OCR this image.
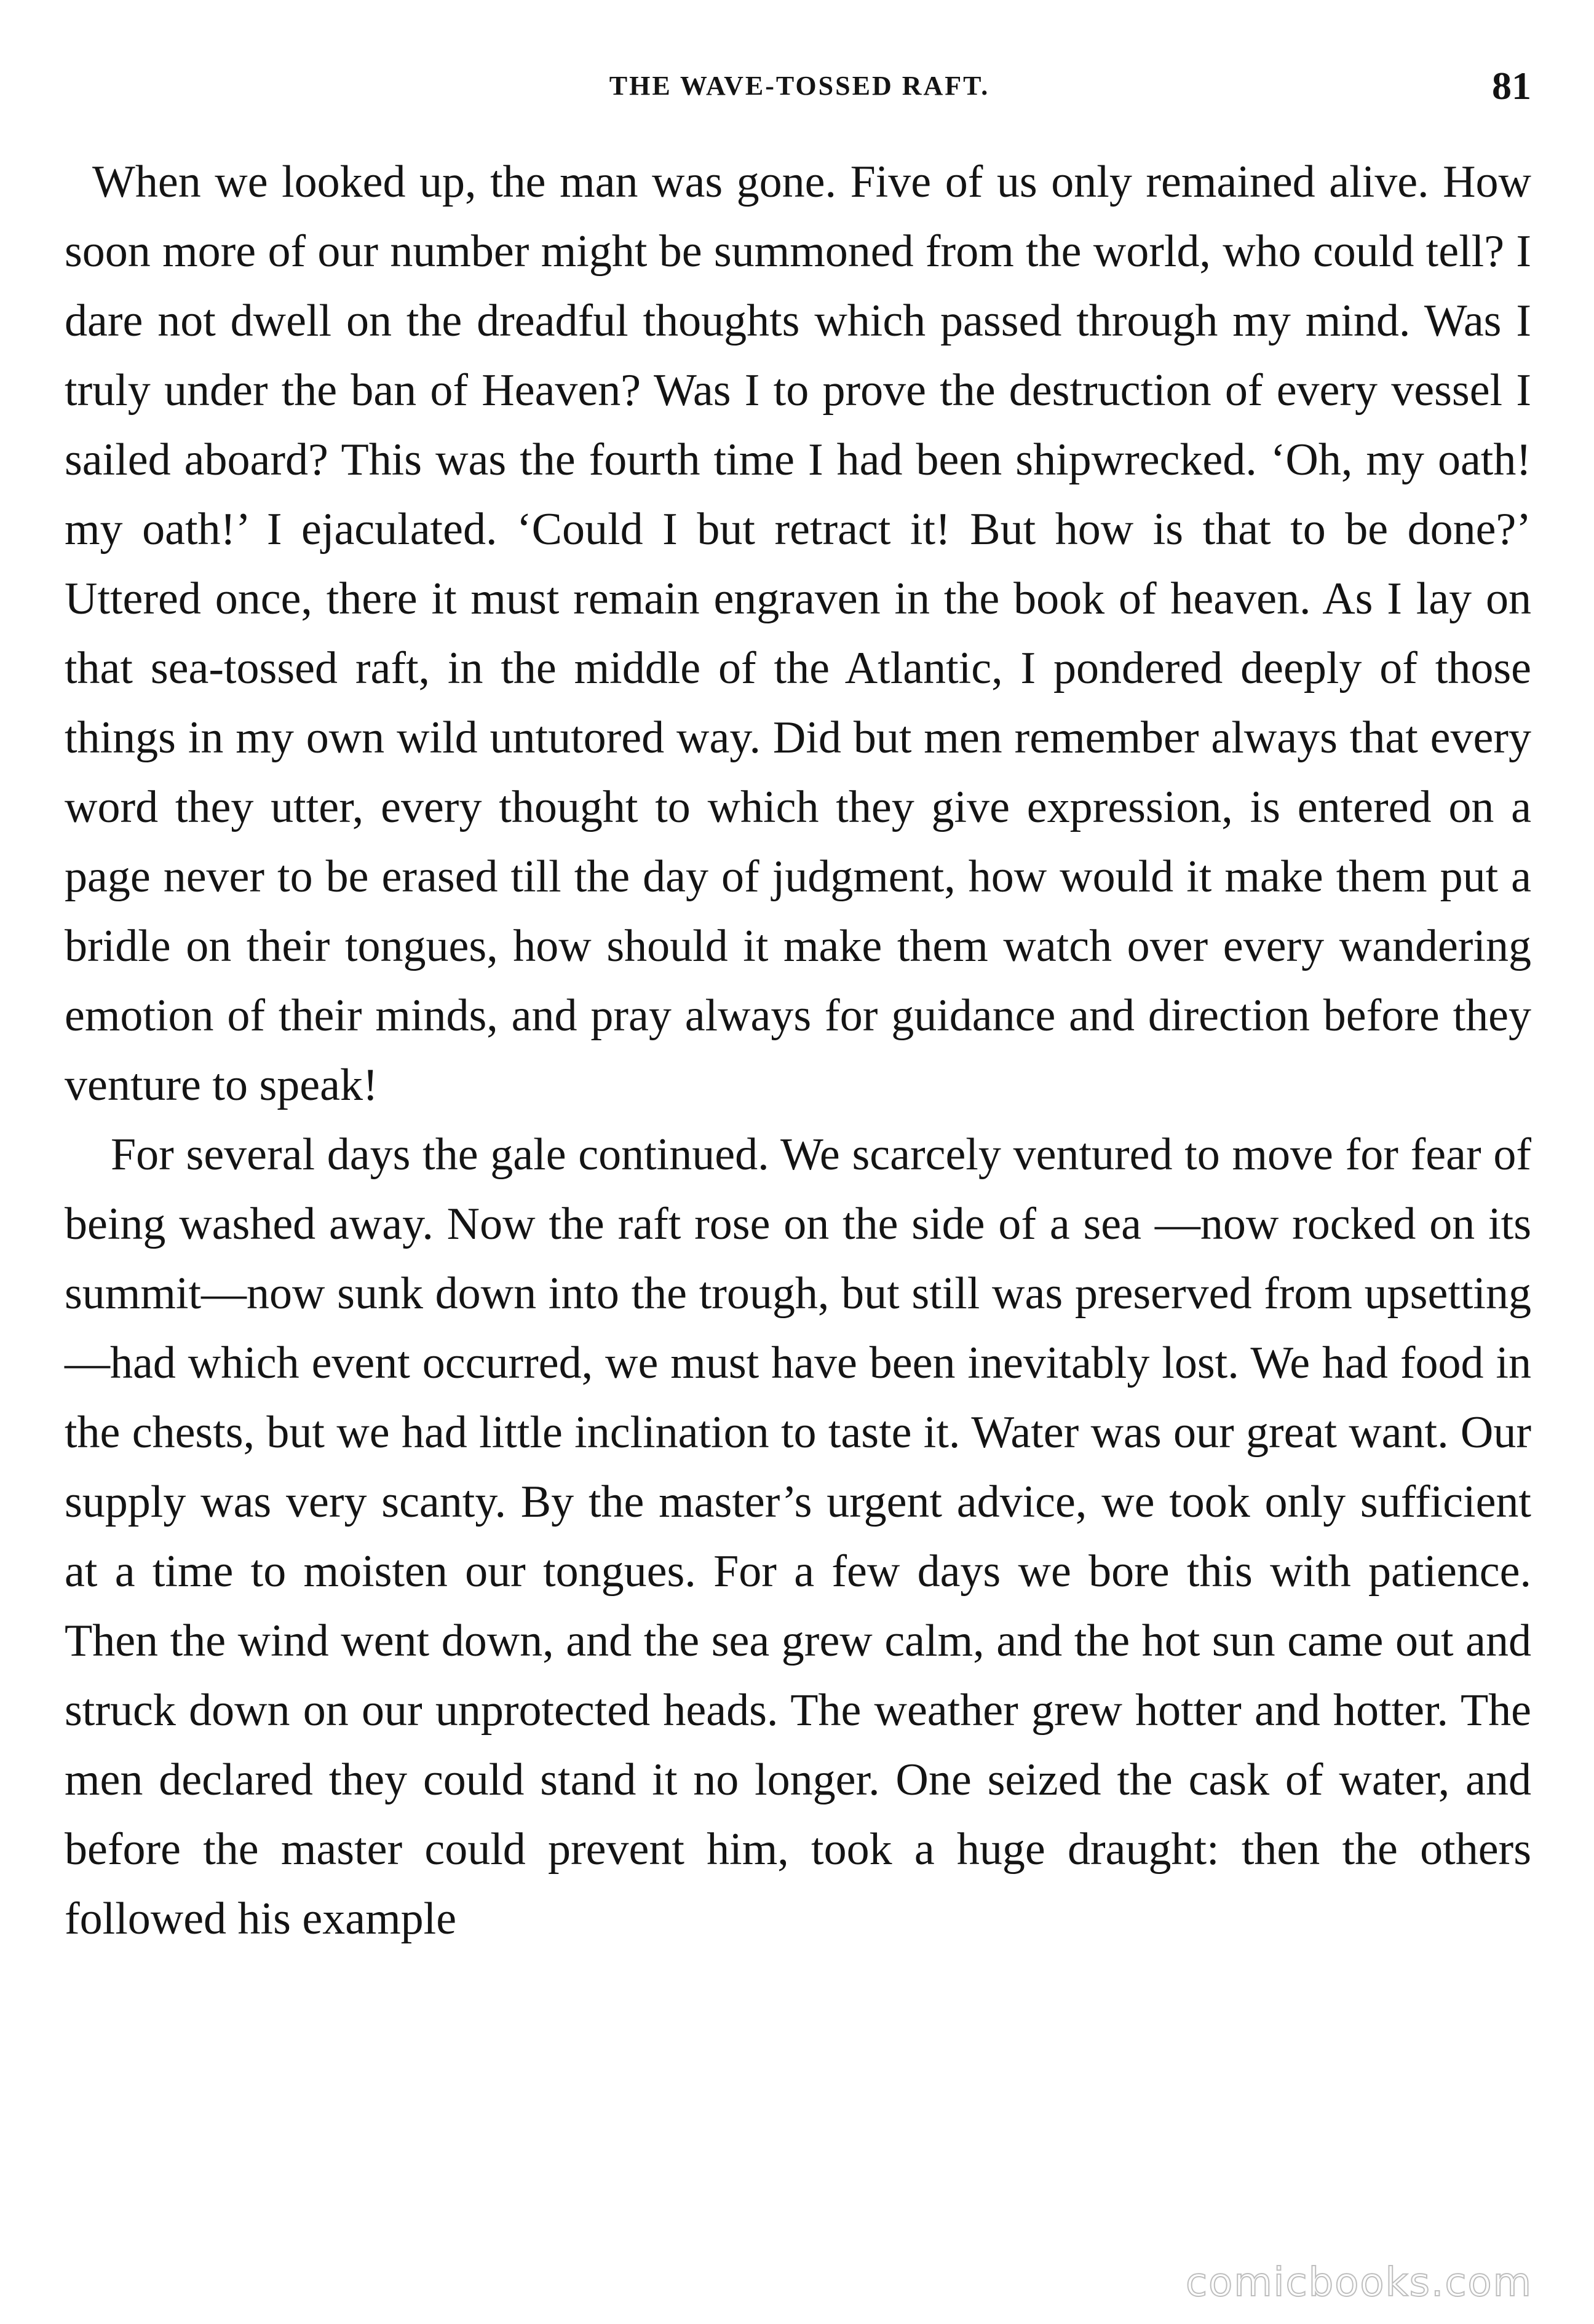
THE WAVE-TOSSED RAFT.	81

When we looked up, the man was gone. Five of us only remained alive. How soon more of our number might be summoned from the world, who could tell? I dare not dwell on the dreadful thoughts which passed through my mind. Was I truly under the ban of Heaven? Was I to prove the destruction of every vessel I sailed aboard? This was the fourth time I had been shipwrecked. ‘Oh, my oath! my oath!’ I ejaculated. ‘Could I but retract it! But how is that to be done?’ Uttered once, there it must remain engraven in the book of heaven. As I lay on that sea-tossed raft, in the middle of the Atlantic, I pondered deeply of those things in my own wild untutored way. Did but men remember always that every word they utter, every thought to which they give expression, is entered on a page never to be erased till the day of judgment, how would it make them put a bridle on their tongues, how should it make them watch over every wandering emotion of their minds, and pray always for guidance and direction before they venture to speak!

For several days the gale continued. We scarcely ventured to move for fear of being washed away. Now the raft rose on the side of a sea —now rocked on its summit—now sunk down into the trough, but still was preserved from upsetting—had which event occurred, we must have been inevitably lost. We had food in the chests, but we had little inclination to taste it. Water was our great want. Our supply was very scanty. By the master’s urgent advice, we took only sufficient at a time to moisten our tongues. For a few days we bore this with patience. Then the wind went down, and the sea grew calm, and the hot sun came out and struck down on our unprotected heads. The weather grew hotter and hotter. The men declared they could stand it no longer. One seized the cask of water, and before the master could prevent him, took a huge draught: then the others followed his example

comicbooks.com
